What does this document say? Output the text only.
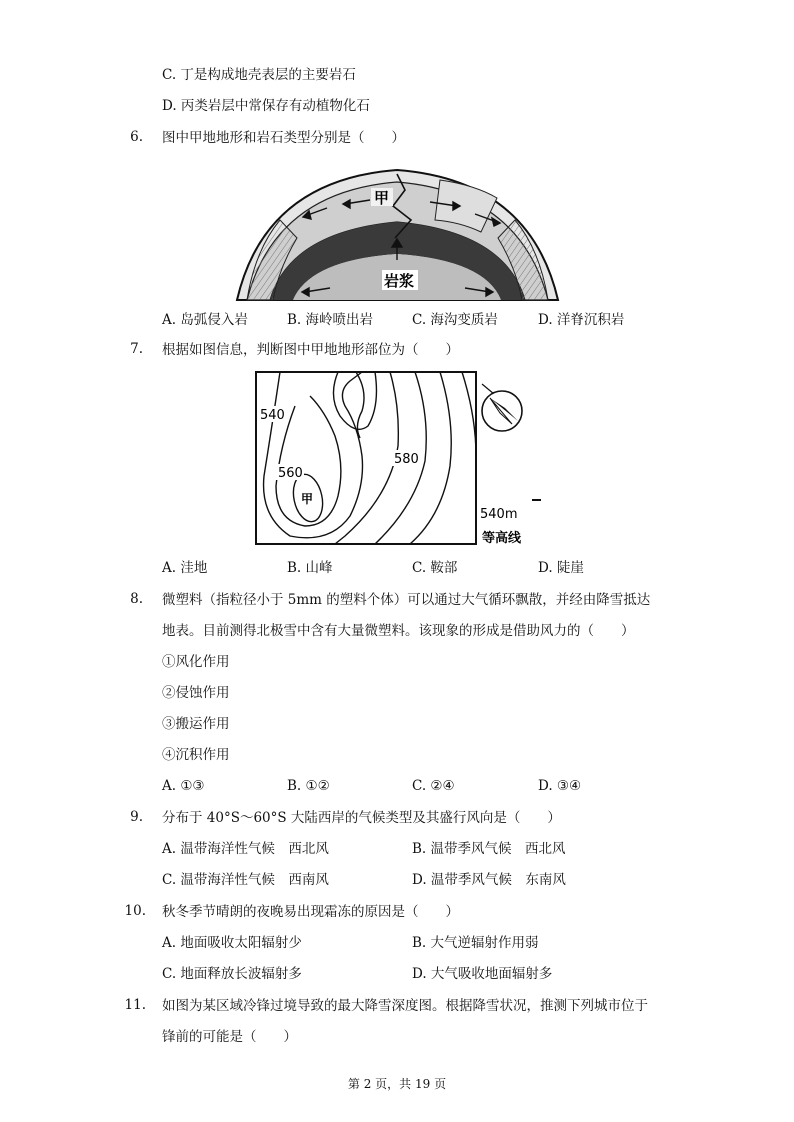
C. 丁是构成地壳表层的主要岩石
D. 丙类岩层中常保存有动植物化石
6. 图中甲地地形和岩石类型分别是（　　）
甲
岩浆
A. 岛弧侵入岩	B. 海岭喷出岩	C. 海沟变质岩	D. 洋脊沉积岩
7. 根据如图信息，判断图中甲地地形部位为（　　）
540
560
580
甲
540m
等高线
A. 洼地	B. 山峰	C. 鞍部	D. 陡崖
8. 微塑料（指粒径小于 5mm 的塑料个体）可以通过大气循环飘散，并经由降雪抵达
地表。目前测得北极雪中含有大量微塑料。该现象的形成是借助风力的（　　）
①风化作用
②侵蚀作用
③搬运作用
④沉积作用
A. ①③	B. ①②	C. ②④	D. ③④
9. 分布于 40°S～60°S 大陆西岸的气候类型及其盛行风向是（　　）
A. 温带海洋性气候　西北风	B. 温带季风气候　西北风
C. 温带海洋性气候　西南风	D. 温带季风气候　东南风
10. 秋冬季节晴朗的夜晚易出现霜冻的原因是（　　）
A. 地面吸收太阳辐射少	B. 大气逆辐射作用弱
C. 地面释放长波辐射多	D. 大气吸收地面辐射多
11. 如图为某区域冷锋过境导致的最大降雪深度图。根据降雪状况，推测下列城市位于
锋前的可能是（　　）
第 2 页，共 19 页
